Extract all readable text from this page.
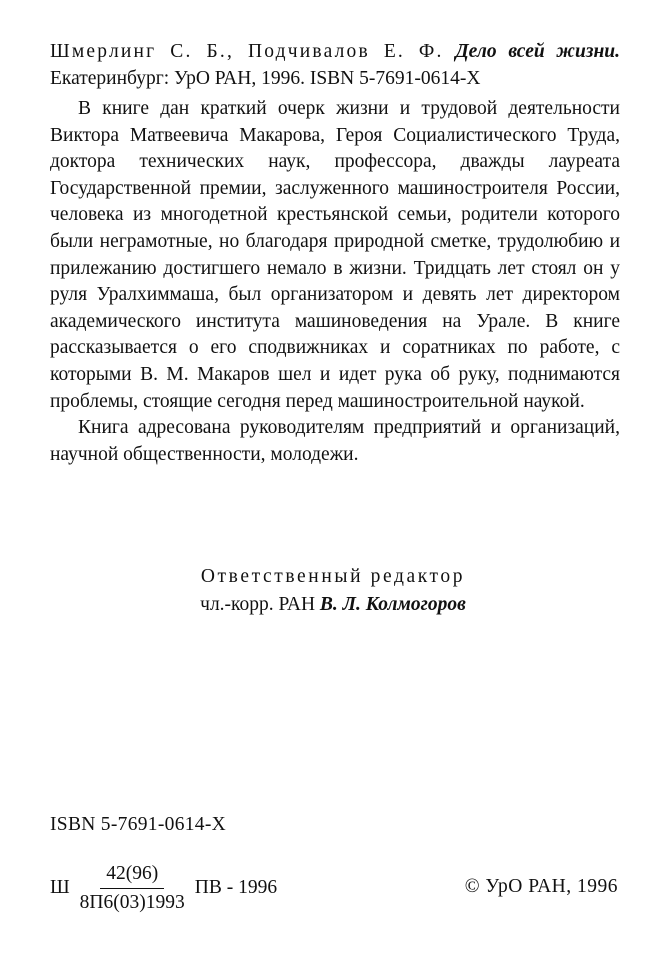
Шмерлинг С. Б., Подчивалов Е. Ф. Дело всей жизни. Екатеринбург: УрО РАН, 1996. ISBN 5-7691-0614-X

В книге дан краткий очерк жизни и трудовой деятельности Виктора Матвеевича Макарова, Героя Социалистического Труда, доктора технических наук, профессора, дважды лауреата Государственной премии, заслуженного машиностроителя России, человека из многодетной крестьянской семьи, родители которого были неграмотные, но благодаря природной сметке, трудолюбию и прилежанию достигшего немало в жизни. Тридцать лет стоял он у руля Уралхиммаша, был организатором и девять лет директором академического института машиноведения на Урале. В книге рассказывается о его сподвижниках и соратниках по работе, с которыми В. М. Макаров шел и идет рука об руку, поднимаются проблемы, стоящие сегодня перед машиностроительной наукой.

Книга адресована руководителям предприятий и организаций, научной общественности, молодежи.

Ответственный редактор
чл.-корр. РАН В. Л. Колмогоров
ISBN 5-7691-0614-X
Ш $\frac{42(96)}{8П6(03)1993}$ ПВ - 1996	© УрО РАН, 1996
